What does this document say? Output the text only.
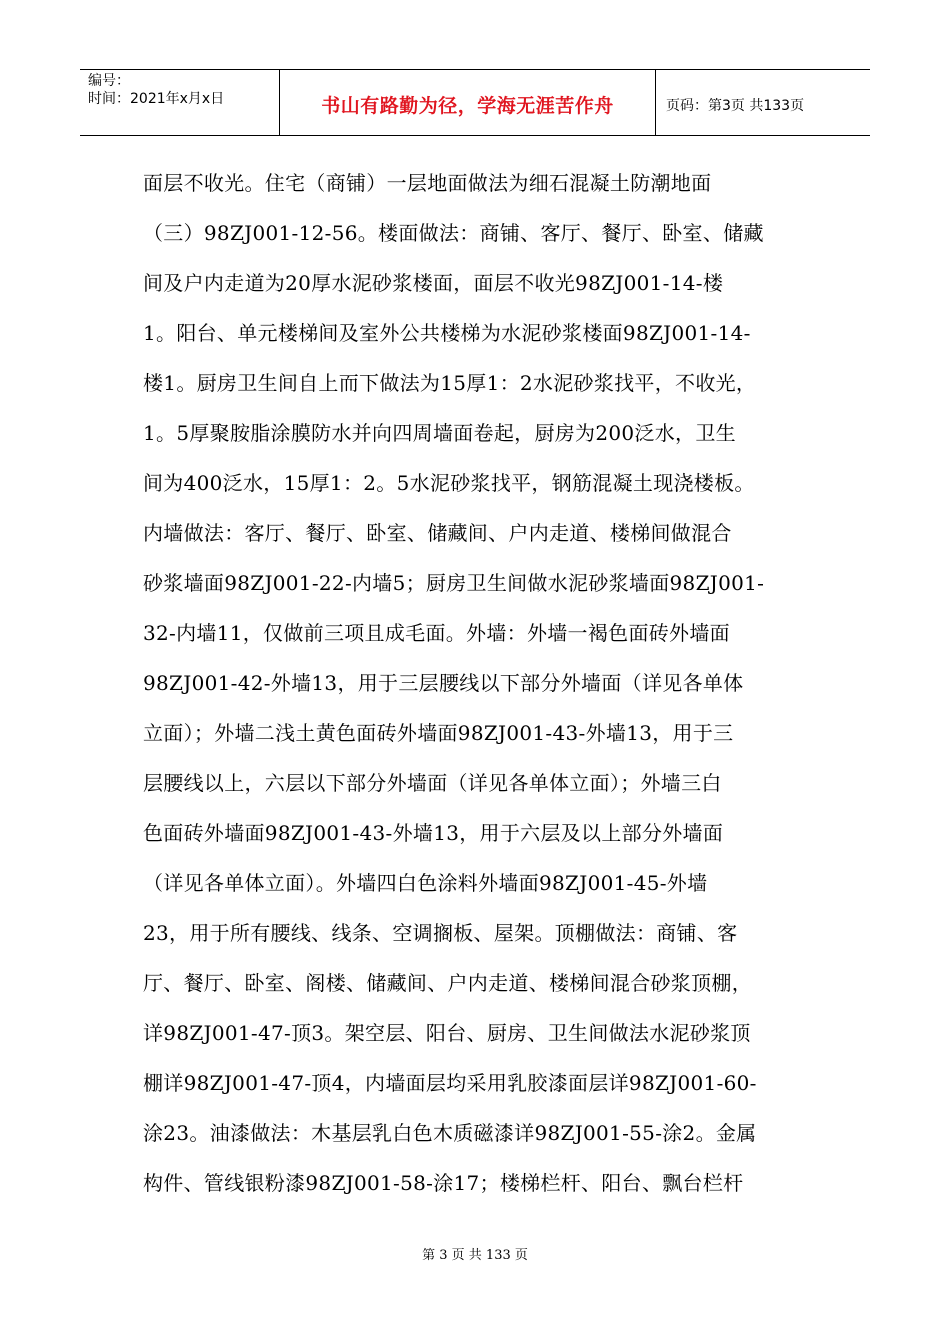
编号：
时间：2021年x月x日	书山有路勤为径，学海无涯苦作舟	页码：第3页 共133页
面层不收光。住宅（商铺）一层地面做法为细石混凝土防潮地面
（三）98ZJ001-12-56。楼面做法：商铺、客厅、餐厅、卧室、储藏
间及户内走道为20厚水泥砂浆楼面，面层不收光98ZJ001-14-楼
1。阳台、单元楼梯间及室外公共楼梯为水泥砂浆楼面98ZJ001-14-
楼1。厨房卫生间自上而下做法为15厚1：2水泥砂浆找平，不收光，
1。5厚聚胺脂涂膜防水并向四周墙面卷起，厨房为200泛水，卫生
间为400泛水，15厚1：2。5水泥砂浆找平，钢筋混凝土现浇楼板。
内墙做法：客厅、餐厅、卧室、储藏间、户内走道、楼梯间做混合
砂浆墙面98ZJ001-22-内墙5；厨房卫生间做水泥砂浆墙面98ZJ001-
32-内墙11，仅做前三项且成毛面。外墙：外墙一褐色面砖外墙面
98ZJ001-42-外墙13，用于三层腰线以下部分外墙面（详见各单体
立面）；外墙二浅土黄色面砖外墙面98ZJ001-43-外墙13，用于三
层腰线以上，六层以下部分外墙面（详见各单体立面）；外墙三白
色面砖外墙面98ZJ001-43-外墙13，用于六层及以上部分外墙面
（详见各单体立面）。外墙四白色涂料外墙面98ZJ001-45-外墙
23，用于所有腰线、线条、空调搁板、屋架。顶棚做法：商铺、客
厅、餐厅、卧室、阁楼、储藏间、户内走道、楼梯间混合砂浆顶棚，
详98ZJ001-47-顶3。架空层、阳台、厨房、卫生间做法水泥砂浆顶
棚详98ZJ001-47-顶4，内墙面层均采用乳胶漆面层详98ZJ001-60-
涂23。油漆做法：木基层乳白色木质磁漆详98ZJ001-55-涂2。金属
构件、管线银粉漆98ZJ001-58-涂17；楼梯栏杆、阳台、飘台栏杆
第 3 页 共 133 页
